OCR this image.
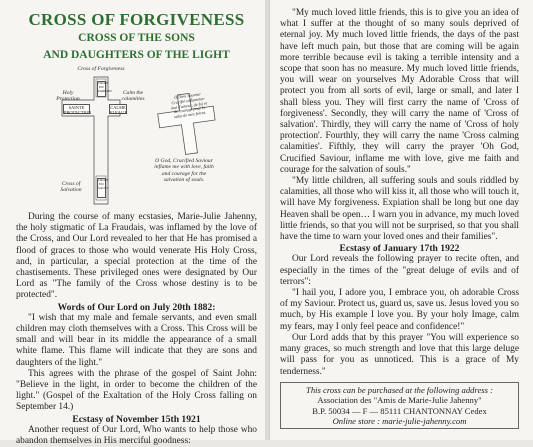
CROSS OF FORGIVENESS
CROSS OF THE SONS
AND DAUGHTERS OF THE LIGHT
Cross of Forgiveness
Holy Protection
Calm the calamities
Cross of Salvation
CROIX DU PARDON
SAINTE PROTECTION
CALME FLEAUX
CROIX DU SALUT
Ô Dieu Sauveur Crucifié enflammez-moi d'amour, de foi et de courage pour le salut de mes frères.
O God, Crucified Saviour inflame me with love, faith and courage for the salvation of souls.

During the course of many ecstasies, Marie-Julie Jahenny, the holy stigmatic of La Fraudais, was inflamed by the love of the Cross, and Our Lord revealed to her that He has promised a flood of graces to those who would venerate His Holy Cross, and, in particular, a special protection at the time of the chastisements. These privileged ones were designated by Our Lord as "The family of the Cross whose destiny is to be protected".

Words of Our Lord on July 20th 1882:

"I wish that my male and female servants, and even small children may cloth themselves with a Cross. This Cross will be small and will bear in its middle the appearance of a small white flame. This flame will indicate that they are sons and daughters of the light."

This agrees with the phrase of the gospel of Saint John: "Believe in the light, in order to become the children of the light." (Gospel of the Exaltation of the Holy Cross falling on September 14.)

Ecstasy of November 15th 1921

Another request of Our Lord, Who wants to help those who abandon themselves in His merciful goodness:

"My much loved little friends, this is to give you an idea of what I suffer at the thought of so many souls deprived of eternal joy. My much loved little friends, the days of the past have left much pain, but those that are coming will be again more terrible because evil is taking a terrible intensity and a scope that soon has no measure. My much loved little friends, you will wear on yourselves My Adorable Cross that will protect you from all sorts of evil, large or small, and later I shall bless you. They will first carry the name of 'Cross of forgiveness'. Secondly, they will carry the name of 'Cross of salvation'. Thirdly, they will carry the name of 'Cross of holy protection'. Fourthly, they will carry the name 'Cross calming calamities'. Fifthly, they will carry the prayer 'Oh God, Crucified Saviour, inflame me with love, give me faith and courage for the salvation of souls."

"My little children, all suffering souls and souls riddled by calamities, all those who will kiss it, all those who will touch it, will have My forgiveness. Expiation shall be long but one day Heaven shall be open… I warn you in advance, my much loved little friends, so that you will not be surprised, so that you shall have the time to warn your loved ones and their families".

Ecstasy of January 17th 1922

Our Lord reveals the following prayer to recite often, and especially in the times of the "great deluge of evils and of terrors":

"I hail you, I adore you, I embrace you, oh adorable Cross of my Saviour. Protect us, guard us, save us. Jesus loved you so much, by His example I love you. By your holy Image, calm my fears, may I only feel peace and confidence!"

Our Lord adds that by this prayer "You will experience so many graces, so much strength and love that this large deluge will pass for you as unnoticed. This is a grace of My tenderness."

This cross can be purchased at the following address :
Association des "Amis de Marie-Julie Jahenny"
B.P. 50034 — F — 85111 CHANTONNAY Cedex
Online store : marie-julie-jahenny.com
